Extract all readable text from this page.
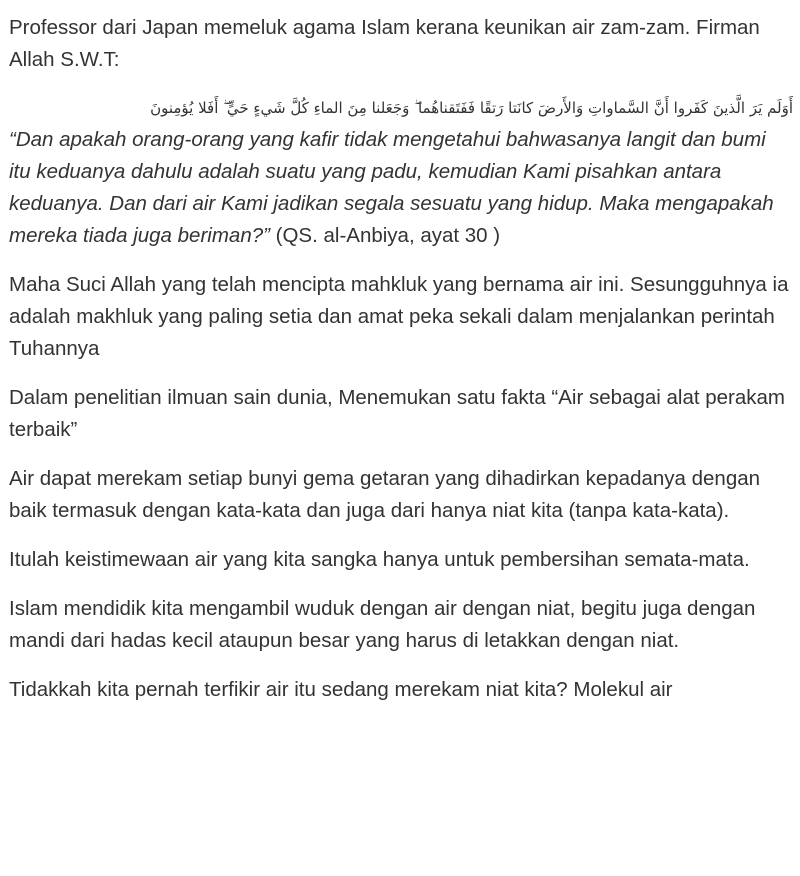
Professor dari Japan memeluk agama Islam kerana keunikan air zam-zam. Firman Allah S.W.T:

أَوَلَم يَرَ الَّذينَ كَفَروا أَنَّ السَّماواتِ وَالأَرضَ كانَتا رَتقًا فَفَتَقناهُما ۖ وَجَعَلنا مِنَ الماءِ كُلَّ شَيءٍ حَيٍّ ۖ أَفَلا يُؤمِنونَ

“Dan apakah orang-orang yang kafir tidak mengetahui bahwasanya langit dan bumi itu keduanya dahulu adalah suatu yang padu, kemudian Kami pisahkan antara keduanya. Dan dari air Kami jadikan segala sesuatu yang hidup. Maka mengapakah mereka tiada juga beriman?” (QS. al-Anbiya, ayat 30 )

Maha Suci Allah yang telah mencipta mahkluk yang bernama air ini. Sesungguhnya ia adalah makhluk yang paling setia dan amat peka sekali dalam menjalankan perintah Tuhannya

Dalam penelitian ilmuan sain dunia, Menemukan satu fakta “Air sebagai alat perakam terbaik”

Air dapat merekam setiap bunyi gema getaran yang dihadirkan kepadanya dengan baik termasuk dengan kata-kata dan juga dari hanya niat kita (tanpa kata-kata).

Itulah keistimewaan air yang kita sangka hanya untuk pembersihan semata-mata.

Islam mendidik kita mengambil wuduk dengan air dengan niat, begitu juga dengan mandi dari hadas kecil ataupun besar yang harus di letakkan dengan niat.

Tidakkah kita pernah terfikir air itu sedang merekam niat kita? Molekul air
